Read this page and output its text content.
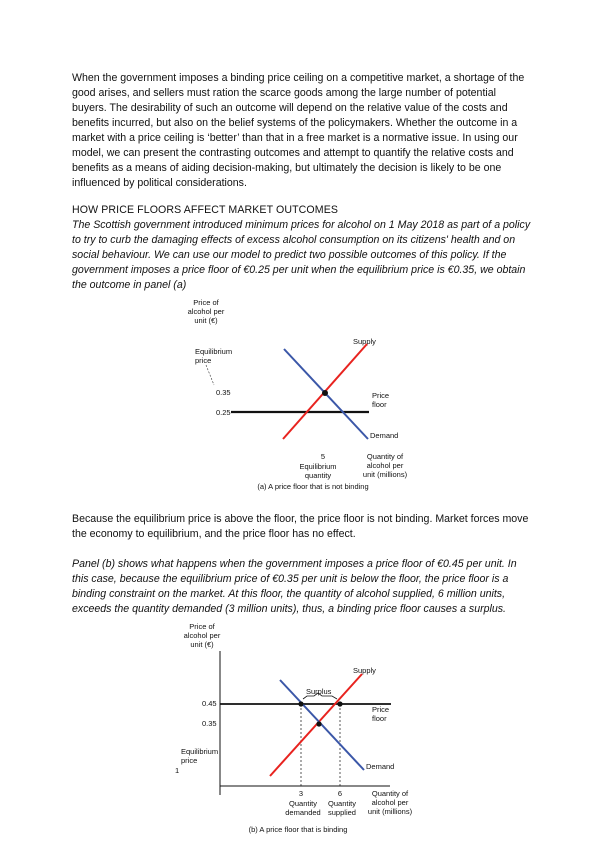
When the government imposes a binding price ceiling on a competitive market, a shortage of the good arises, and sellers must ration the scarce goods among the large number of potential buyers. The desirability of such an outcome will depend on the relative value of the costs and benefits incurred, but also on the belief systems of the policymakers. Whether the outcome in a market with a price ceiling is ‘better’ than that in a free market is a normative issue. In using our model, we can present the contrasting outcomes and attempt to quantify the relative costs and benefits as a means of aiding decision-making, but ultimately the decision is likely to be one influenced by political considerations.

HOW PRICE FLOORS AFFECT MARKET OUTCOMES

The Scottish government introduced minimum prices for alcohol on 1 May 2018 as part of a policy to try to curb the damaging effects of excess alcohol consumption on its citizens' health and on social behaviour. We can use our model to predict two possible outcomes of this policy. If the government imposes a price floor of €0.25 per unit when the equilibrium price is €0.35, we obtain the outcome in panel (a)

Price of
alcohol per
unit (€)
Equilibrium
price
0.35
0.25
Supply
Price
floor
Demand
5
Equilibrium
quantity
Quantity of
alcohol per
unit (millions)
(a) A price floor that is not binding

Because the equilibrium price is above the floor, the price floor is not binding. Market forces move the economy to equilibrium, and the price floor has no effect.

Panel (b) shows what happens when the government imposes a price floor of €0.45 per unit. In this case, because the equilibrium price of €0.35 per unit is below the floor, the price floor is a binding constraint on the market. At this floor, the quantity of alcohol supplied, 6 million units, exceeds the quantity demanded (3 million units), thus, a binding price floor causes a surplus.

Price of
alcohol per
unit (€)
0.45
0.35
Equilibrium
price
1
Supply
Surplus
Price
floor
Demand
3	6
Quantity
demanded
Quantity
supplied
Quantity of
alcohol per
unit (millions)
(b) A price floor that is binding
